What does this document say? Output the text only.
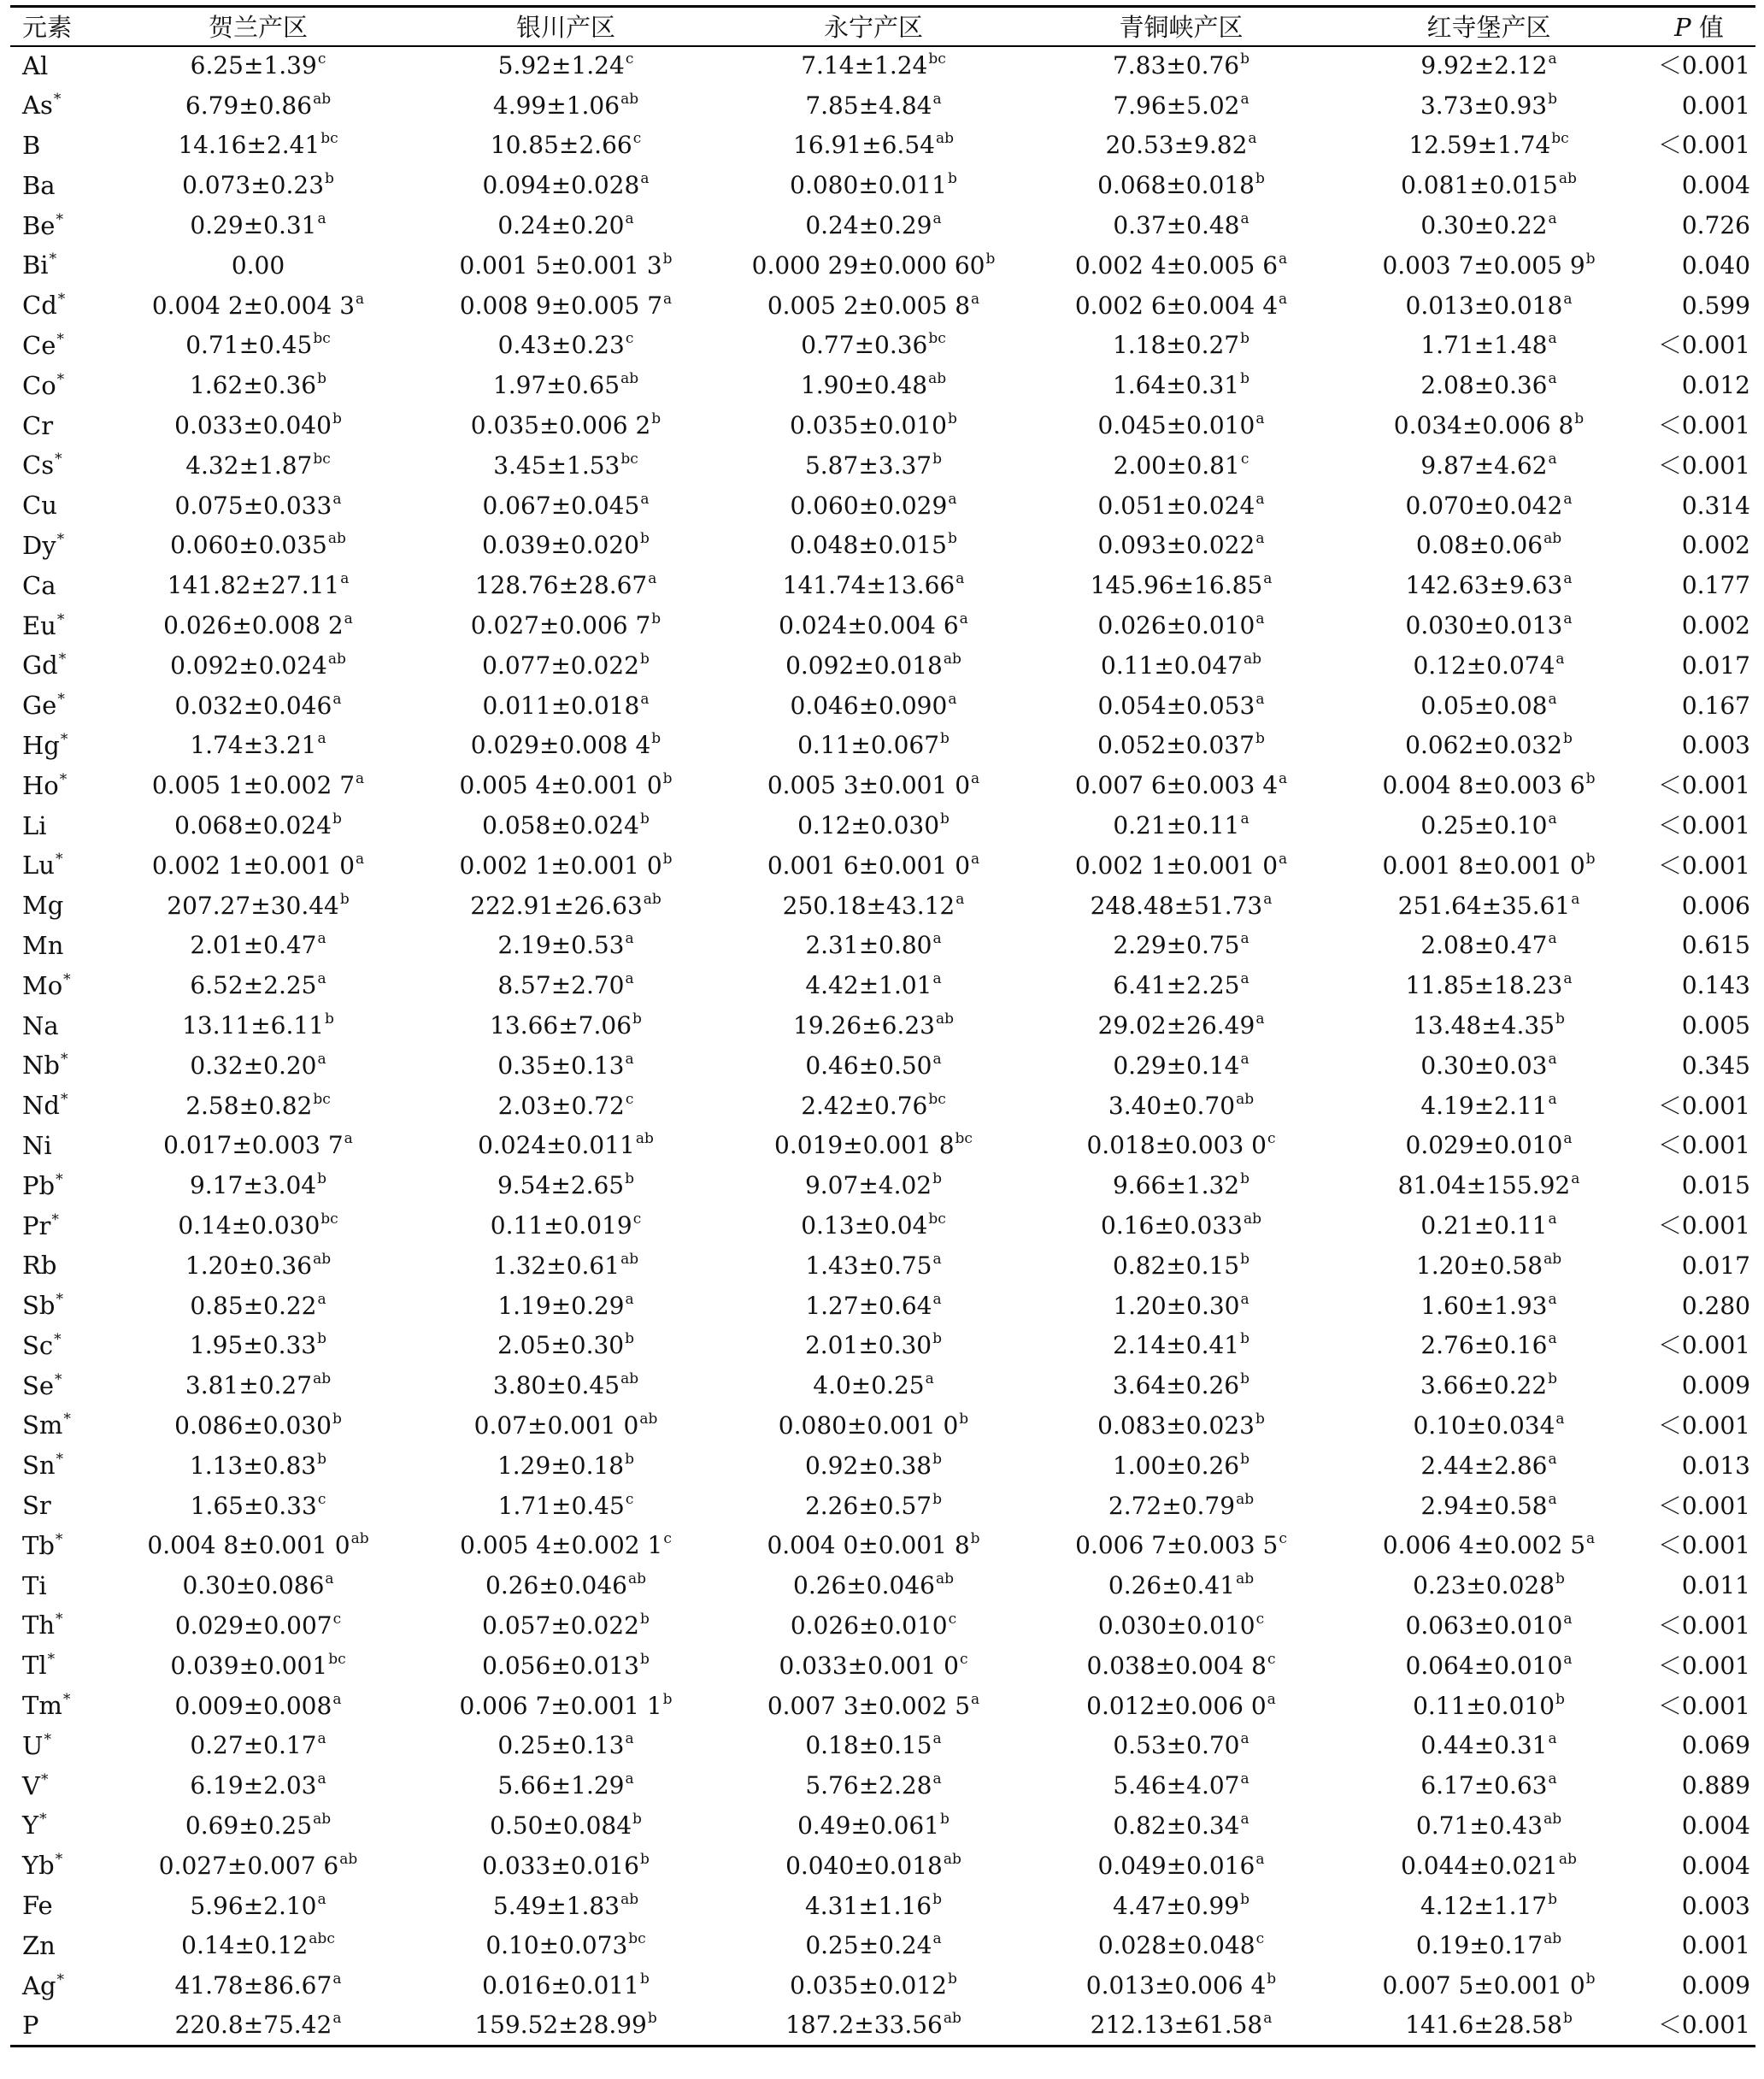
元素	贺兰产区	银川产区	永宁产区	青铜峡产区	红寺堡产区	P 值
Al	6.25±1.39$^c$	5.92±1.24$^c$	7.14±1.24$^{bc}$	7.83±0.76$^b$	9.92±2.12$^a$	＜0.001
As*	6.79±0.86$^{ab}$	4.99±1.06$^{ab}$	7.85±4.84$^a$	7.96±5.02$^a$	3.73±0.93$^b$	0.001
B	14.16±2.41$^{bc}$	10.85±2.66$^c$	16.91±6.54$^{ab}$	20.53±9.82$^a$	12.59±1.74$^{bc}$	＜0.001
Ba	0.073±0.23$^b$	0.094±0.028$^a$	0.080±0.011$^b$	0.068±0.018$^b$	0.081±0.015$^{ab}$	0.004
Be*	0.29±0.31$^a$	0.24±0.20$^a$	0.24±0.29$^a$	0.37±0.48$^a$	0.30±0.22$^a$	0.726
Bi*	0.00	0.001 5±0.001 3$^b$	0.000 29±0.000 60$^b$	0.002 4±0.005 6$^a$	0.003 7±0.005 9$^b$	0.040
Cd*	0.004 2±0.004 3$^a$	0.008 9±0.005 7$^a$	0.005 2±0.005 8$^a$	0.002 6±0.004 4$^a$	0.013±0.018$^a$	0.599
Ce*	0.71±0.45$^{bc}$	0.43±0.23$^c$	0.77±0.36$^{bc}$	1.18±0.27$^b$	1.71±1.48$^a$	＜0.001
Co*	1.62±0.36$^b$	1.97±0.65$^{ab}$	1.90±0.48$^{ab}$	1.64±0.31$^b$	2.08±0.36$^a$	0.012
Cr	0.033±0.040$^b$	0.035±0.006 2$^b$	0.035±0.010$^b$	0.045±0.010$^a$	0.034±0.006 $8^b$	＜0.001
Cs*	4.32±1.87$^{bc}$	3.45±1.53$^{bc}$	5.87±3.37$^b$	2.00±0.81$^c$	9.87±4.62$^a$	＜0.001
Cu	0.075±0.033$^a$	0.067±0.045$^a$	0.060±0.029$^a$	0.051±0.024$^a$	0.070±0.042$^a$	0.314
Dy*	0.060±0.035$^{ab}$	0.039±0.020$^b$	0.048±0.015$^b$	0.093±0.022$^a$	0.08±0.06$^{ab}$	0.002
Ca	141.82±27.11$^a$	128.76±28.67$^a$	141.74±13.66$^a$	145.96±16.85$^a$	142.63±9.63$^a$	0.177
Eu*	0.026±0.008 2$^a$	0.027±0.006 7$^b$	0.024±0.004 6$^a$	0.026±0.010$^a$	0.030±0.013$^a$	0.002
Gd*	0.092±0.024$^{ab}$	0.077±0.022$^b$	0.092±0.018$^{ab}$	0.11±0.047$^{ab}$	0.12±0.074$^a$	0.017
Ge*	0.032±0.046$^a$	0.011±0.018$^a$	0.046±0.090$^a$	0.054±0.053$^a$	0.05±0.08$^a$	0.167
Hg*	1.74±3.21$^a$	0.029±0.008 4$^b$	0.11±0.067$^b$	0.052±0.037$^b$	0.062±0.032$^b$	0.003
Ho*	0.005 1±0.002 7$^a$	0.005 4±0.001 0$^b$	0.005 3±0.001 0$^a$	0.007 6±0.003 4$^a$	0.004 8±0.003 $6^b$	＜0.001
Li	0.068±0.024$^b$	0.058±0.024$^b$	0.12±0.030$^b$	0.21±0.11$^a$	0.25±0.10$^a$	＜0.001
Lu*	0.002 1±0.001 0$^a$	0.002 1±0.001 0$^b$	0.001 6±0.001 0$^a$	0.002 1±0.001 0$^a$	0.001 8±0.001 $0^b$	＜0.001
Mg	207.27±30.44$^b$	222.91±26.63$^{ab}$	250.18±43.12$^a$	248.48±51.73$^a$	251.64±35.61$^a$	0.006
Mn	2.01±0.47$^a$	2.19±0.53$^a$	2.31±0.80$^a$	2.29±0.75$^a$	2.08±0.47$^a$	0.615
Mo*	6.52±2.25$^a$	8.57±2.70$^a$	4.42±1.01$^a$	6.41±2.25$^a$	11.85±18.23$^a$	0.143
Na	13.11±6.11$^b$	13.66±7.06$^b$	19.26±6.23$^{ab}$	29.02±26.49$^a$	13.48±4.35$^b$	0.005
Nb*	0.32±0.20$^a$	0.35±0.13$^a$	0.46±0.50$^a$	0.29±0.14$^a$	0.30±0.03$^a$	0.345
Nd*	2.58±0.82$^{bc}$	2.03±0.72$^c$	2.42±0.76$^{bc}$	3.40±0.70$^{ab}$	4.19±2.11$^a$	＜0.001
Ni	0.017±0.003 7$^a$	0.024±0.011$^{ab}$	0.019±0.001 $8^{bc}$	0.018±0.003 0$^c$	0.029±0.010$^a$	＜0.001
Pb*	9.17±3.04$^b$	9.54±2.65$^b$	9.07±4.02$^b$	9.66±1.32$^b$	81.04±155.92$^a$	0.015
Pr*	0.14±0.030$^{bc}$	0.11±0.019$^c$	0.13±0.04$^{bc}$	0.16±0.033$^{ab}$	0.21±0.11$^a$	＜0.001
Rb	1.20±0.36$^{ab}$	1.32±0.61$^{ab}$	1.43±0.75$^a$	0.82±0.15$^b$	1.20±0.58$^{ab}$	0.017
Sb*	0.85±0.22$^a$	1.19±0.29$^a$	1.27±0.64$^a$	1.20±0.30$^a$	1.60±1.93$^a$	0.280
Sc*	1.95±0.33$^b$	2.05±0.30$^b$	2.01±0.30$^b$	2.14±0.41$^b$	2.76±0.16$^a$	＜0.001
Se*	3.81±0.27$^{ab}$	3.80±0.45$^{ab}$	4.0±0.25$^a$	3.64±0.26$^b$	3.66±0.22$^b$	0.009
Sm*	0.086±0.030$^b$	0.07±0.001 $0^{ab}$	0.080±0.001 0$^b$	0.083±0.023$^b$	0.10±0.034$^a$	＜0.001
Sn*	1.13±0.83$^b$	1.29±0.18$^b$	0.92±0.38$^b$	1.00±0.26$^b$	2.44±2.86$^a$	0.013
Sr	1.65±0.33$^c$	1.71±0.45$^c$	2.26±0.57$^b$	2.72±0.79$^{ab}$	2.94±0.58$^a$	＜0.001
Tb*	0.004 8±0.001 $0^{ab}$	0.005 4±0.002 1$^c$	0.004 0±0.001 8$^b$	0.006 7±0.003 5$^c$	0.006 4±0.002 $5^a$	＜0.001
Ti	0.30±0.086$^a$	0.26±0.046$^{ab}$	0.26±0.046$^{ab}$	0.26±0.41$^{ab}$	0.23±0.028$^b$	0.011
Th*	0.029±0.007$^c$	0.057±0.022$^b$	0.026±0.010$^c$	0.030±0.010$^c$	0.063±0.010$^a$	＜0.001
Tl*	0.039±0.001$^{bc}$	0.056±0.013$^b$	0.033±0.001 0$^c$	0.038±0.004 8$^c$	0.064±0.010$^a$	＜0.001
Tm*	0.009±0.008$^a$	0.006 7±0.001 1$^b$	0.007 3±0.002 5$^a$	0.012±0.006 0$^a$	0.11±0.010$^b$	＜0.001
U*	0.27±0.17$^a$	0.25±0.13$^a$	0.18±0.15$^a$	0.53±0.70$^a$	0.44±0.31$^a$	0.069
V*	6.19±2.03$^a$	5.66±1.29$^a$	5.76±2.28$^a$	5.46±4.07$^a$	6.17±0.63$^a$	0.889
Y*	0.69±0.25$^{ab}$	0.50±0.084$^b$	0.49±0.061$^b$	0.82±0.34$^a$	0.71±0.43$^{ab}$	0.004
Yb*	0.027±0.007 $6^{ab}$	0.033±0.016$^b$	0.040±0.018$^{ab}$	0.049±0.016$^a$	0.044±0.021$^{ab}$	0.004
Fe	5.96±2.10$^a$	5.49±1.83$^{ab}$	4.31±1.16$^b$	4.47±0.99$^b$	4.12±1.17$^b$	0.003
Zn	0.14±0.12$^{abc}$	0.10±0.073$^{bc}$	0.25±0.24$^a$	0.028±0.048$^c$	0.19±0.17$^{ab}$	0.001
Ag*	41.78±86.67$^a$	0.016±0.011$^b$	0.035±0.012$^b$	0.013±0.006 4$^b$	0.007 5±0.001 0$^b$	0.009
P	220.8±75.42$^a$	159.52±28.99$^b$	187.2±33.56$^{ab}$	212.13±61.58$^a$	141.6±28.58$^b$	＜0.001
